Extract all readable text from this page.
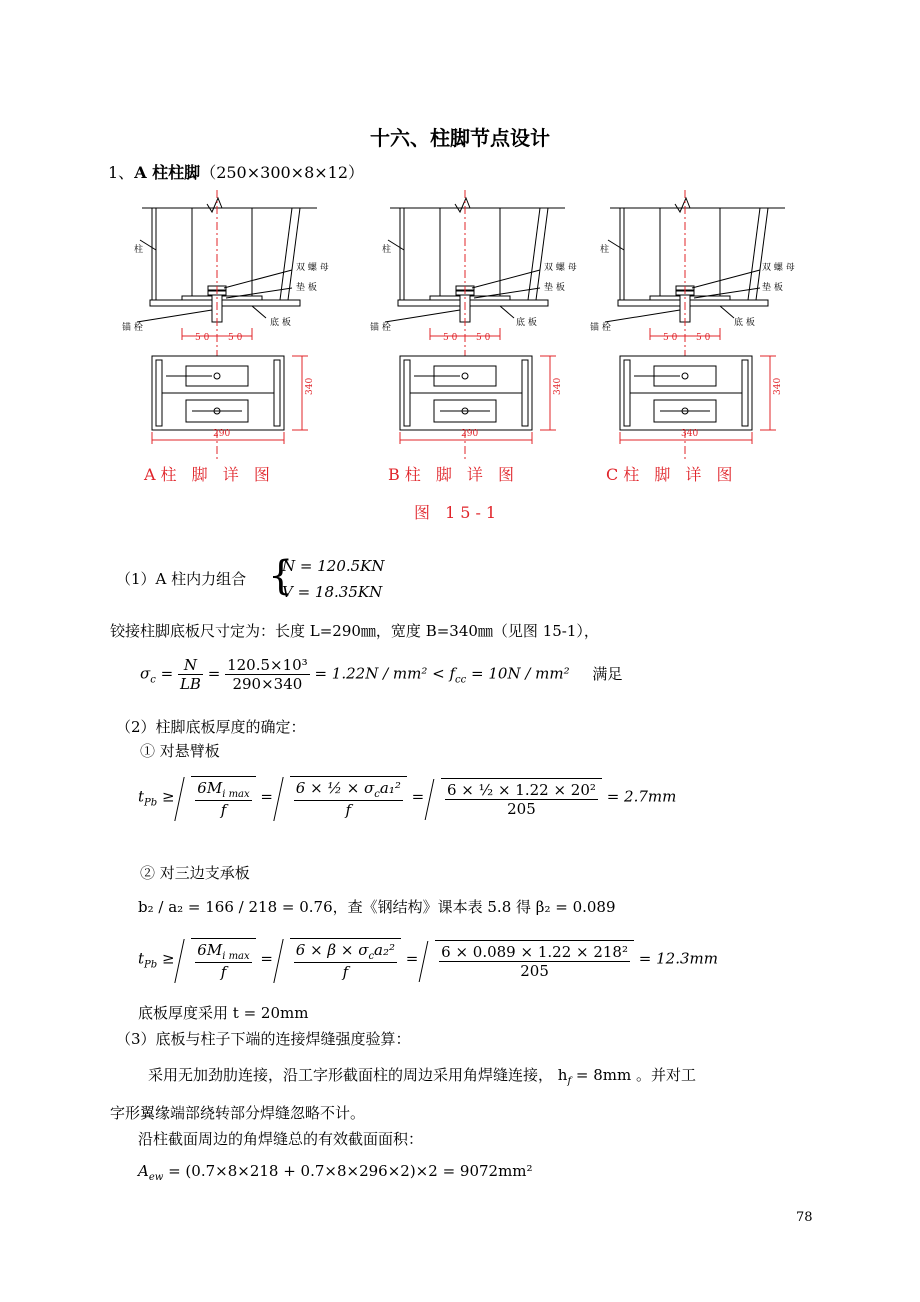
十六、柱脚节点设计
1、A 柱柱脚（250×300×8×12）
柱
双 螺 母
垫 板
锚 栓	底 板
柱
双 螺 母
垫 板
锚 栓	底 板
柱
双 螺 母
垫 板
锚 栓	底 板
5 0 5 0	5 0 5 0	5 0 5 0
290	290	340
340	340	340
A柱 脚 详 图	B柱 脚 详 图	C柱 脚 详 图
图 15-1
（1）A 柱内力组合 {
N = 120.5KN
V = 18.35KN
铰接柱脚底板尺寸定为：长度 L=290㎜，宽度 B=340㎜（见图 15-1），
$\sigma_c = \frac{N}{LB} = \frac{\text{120.5×10³}}{290\times 340} = 1.22N / mm^2 < f_{cc} = 10N / mm^2$ 满足
（2）柱脚底板厚度的确定：
① 对悬臂板
$t_{Pb} \ge \frac{6M_{i max}}{f} = \frac{6 \times \frac{1}{2} \times \sigma_ca_1^2}{f} = \frac{\text{6 × ½ × 1.22 × 20²}}{205} = 2.7mm$
② 对三边支承板
b₂ / a₂ = 166 / 218 = 0.76，查《钢结构》课本表 5.8 得 β₂ = 0.089
$t_{Pb} \ge \frac{6M_{i max}}{f} = \frac{6 \times \beta \times \sigma_ca_2^2}{f} = \frac{\text{6 × 0.089 × 1.22 × 218²}}{205} = 12.3mm$
底板厚度采用 t = 20mm
（3）底板与柱子下端的连接焊缝强度验算：
采用无加劲肋连接，沿工字形截面柱的周边采用角焊缝连接， $h_f = 8mm$ 。并对工
字形翼缘端部绕转部分焊缝忽略不计。
沿柱截面周边的角焊缝总的有效截面面积：
$A_{ew} = (0.7\times 8\times 218 + 0.7\times 8\times 296\times 2)\times 2 = 9072mm^2$
78
